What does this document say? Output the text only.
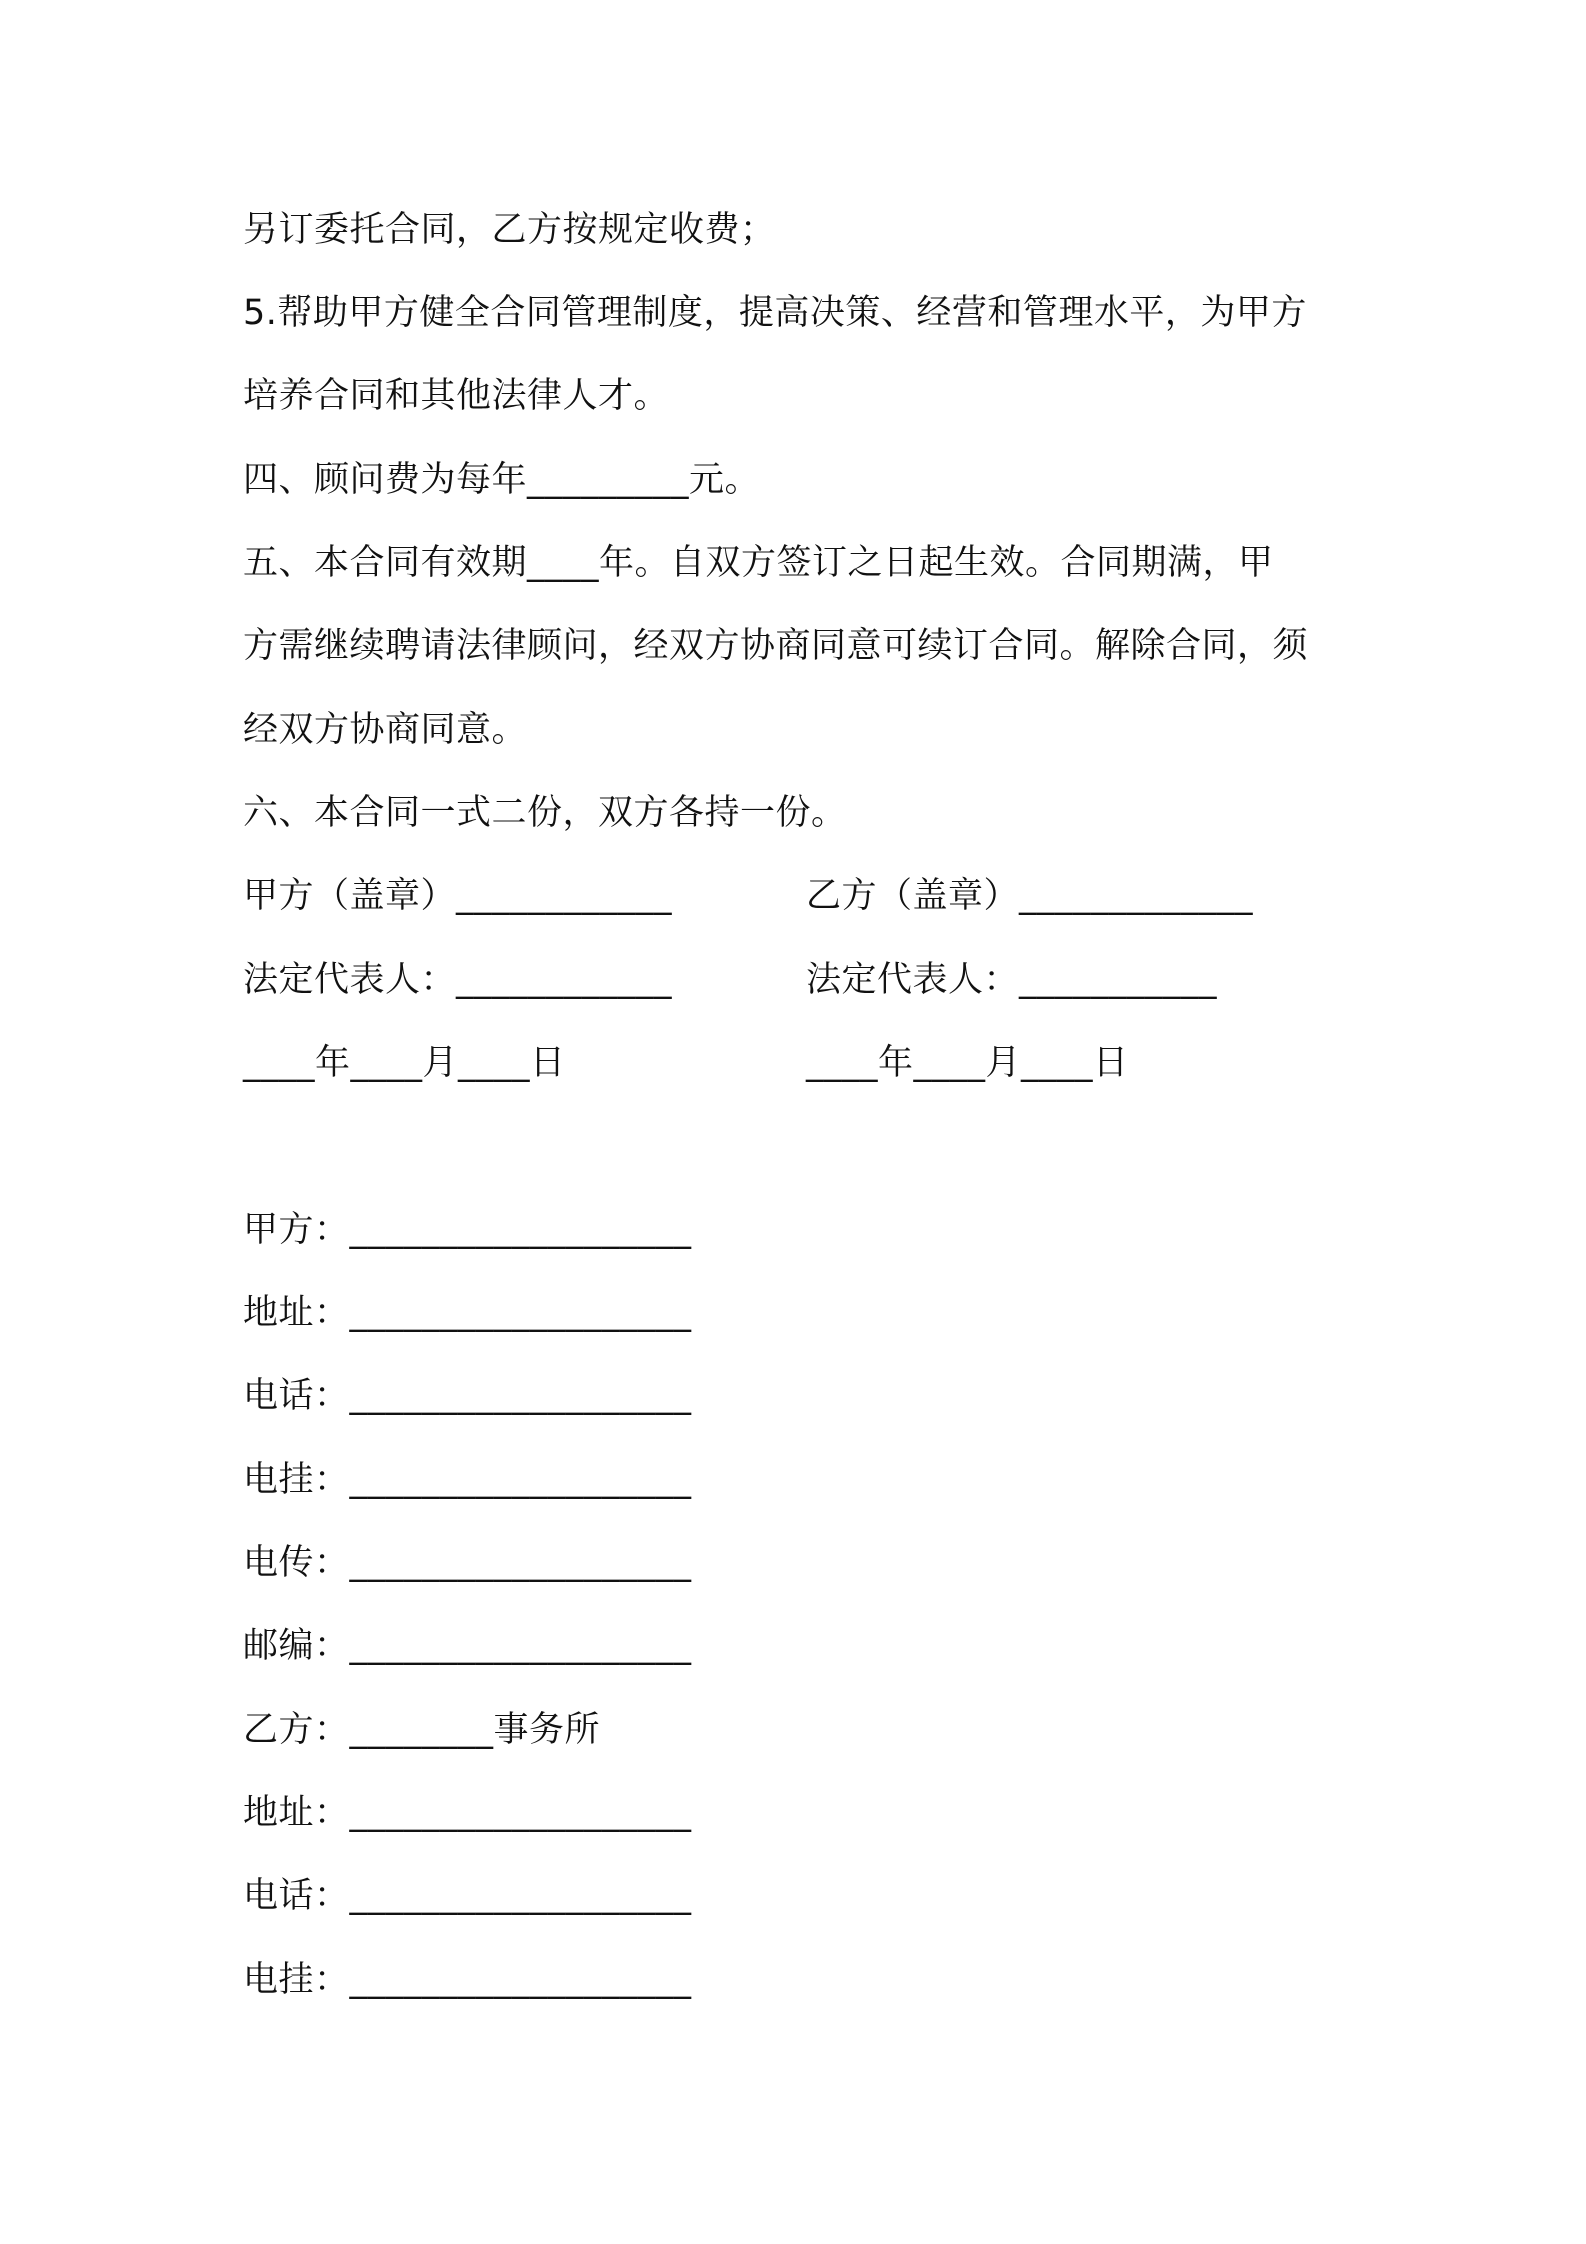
另订委托合同，乙方按规定收费；
5.帮助甲方健全合同管理制度，提高决策、经营和管理水平，为甲方
培养合同和其他法律人才。
四、顾问费为每年_________元。
五、本合同有效期____年。自双方签订之日起生效。合同期满，甲
方需继续聘请法律顾问，经双方协商同意可续订合同。解除合同，须
经双方协商同意。
六、本合同一式二份，双方各持一份。
甲方（盖章）____________	乙方（盖章）_____________
法定代表人：____________	法定代表人：___________
____年____月____日	____年____月____日
甲方：___________________
地址：___________________
电话：___________________
电挂：___________________
电传：___________________
邮编：___________________
乙方：________事务所
地址：___________________
电话：___________________
电挂：___________________
